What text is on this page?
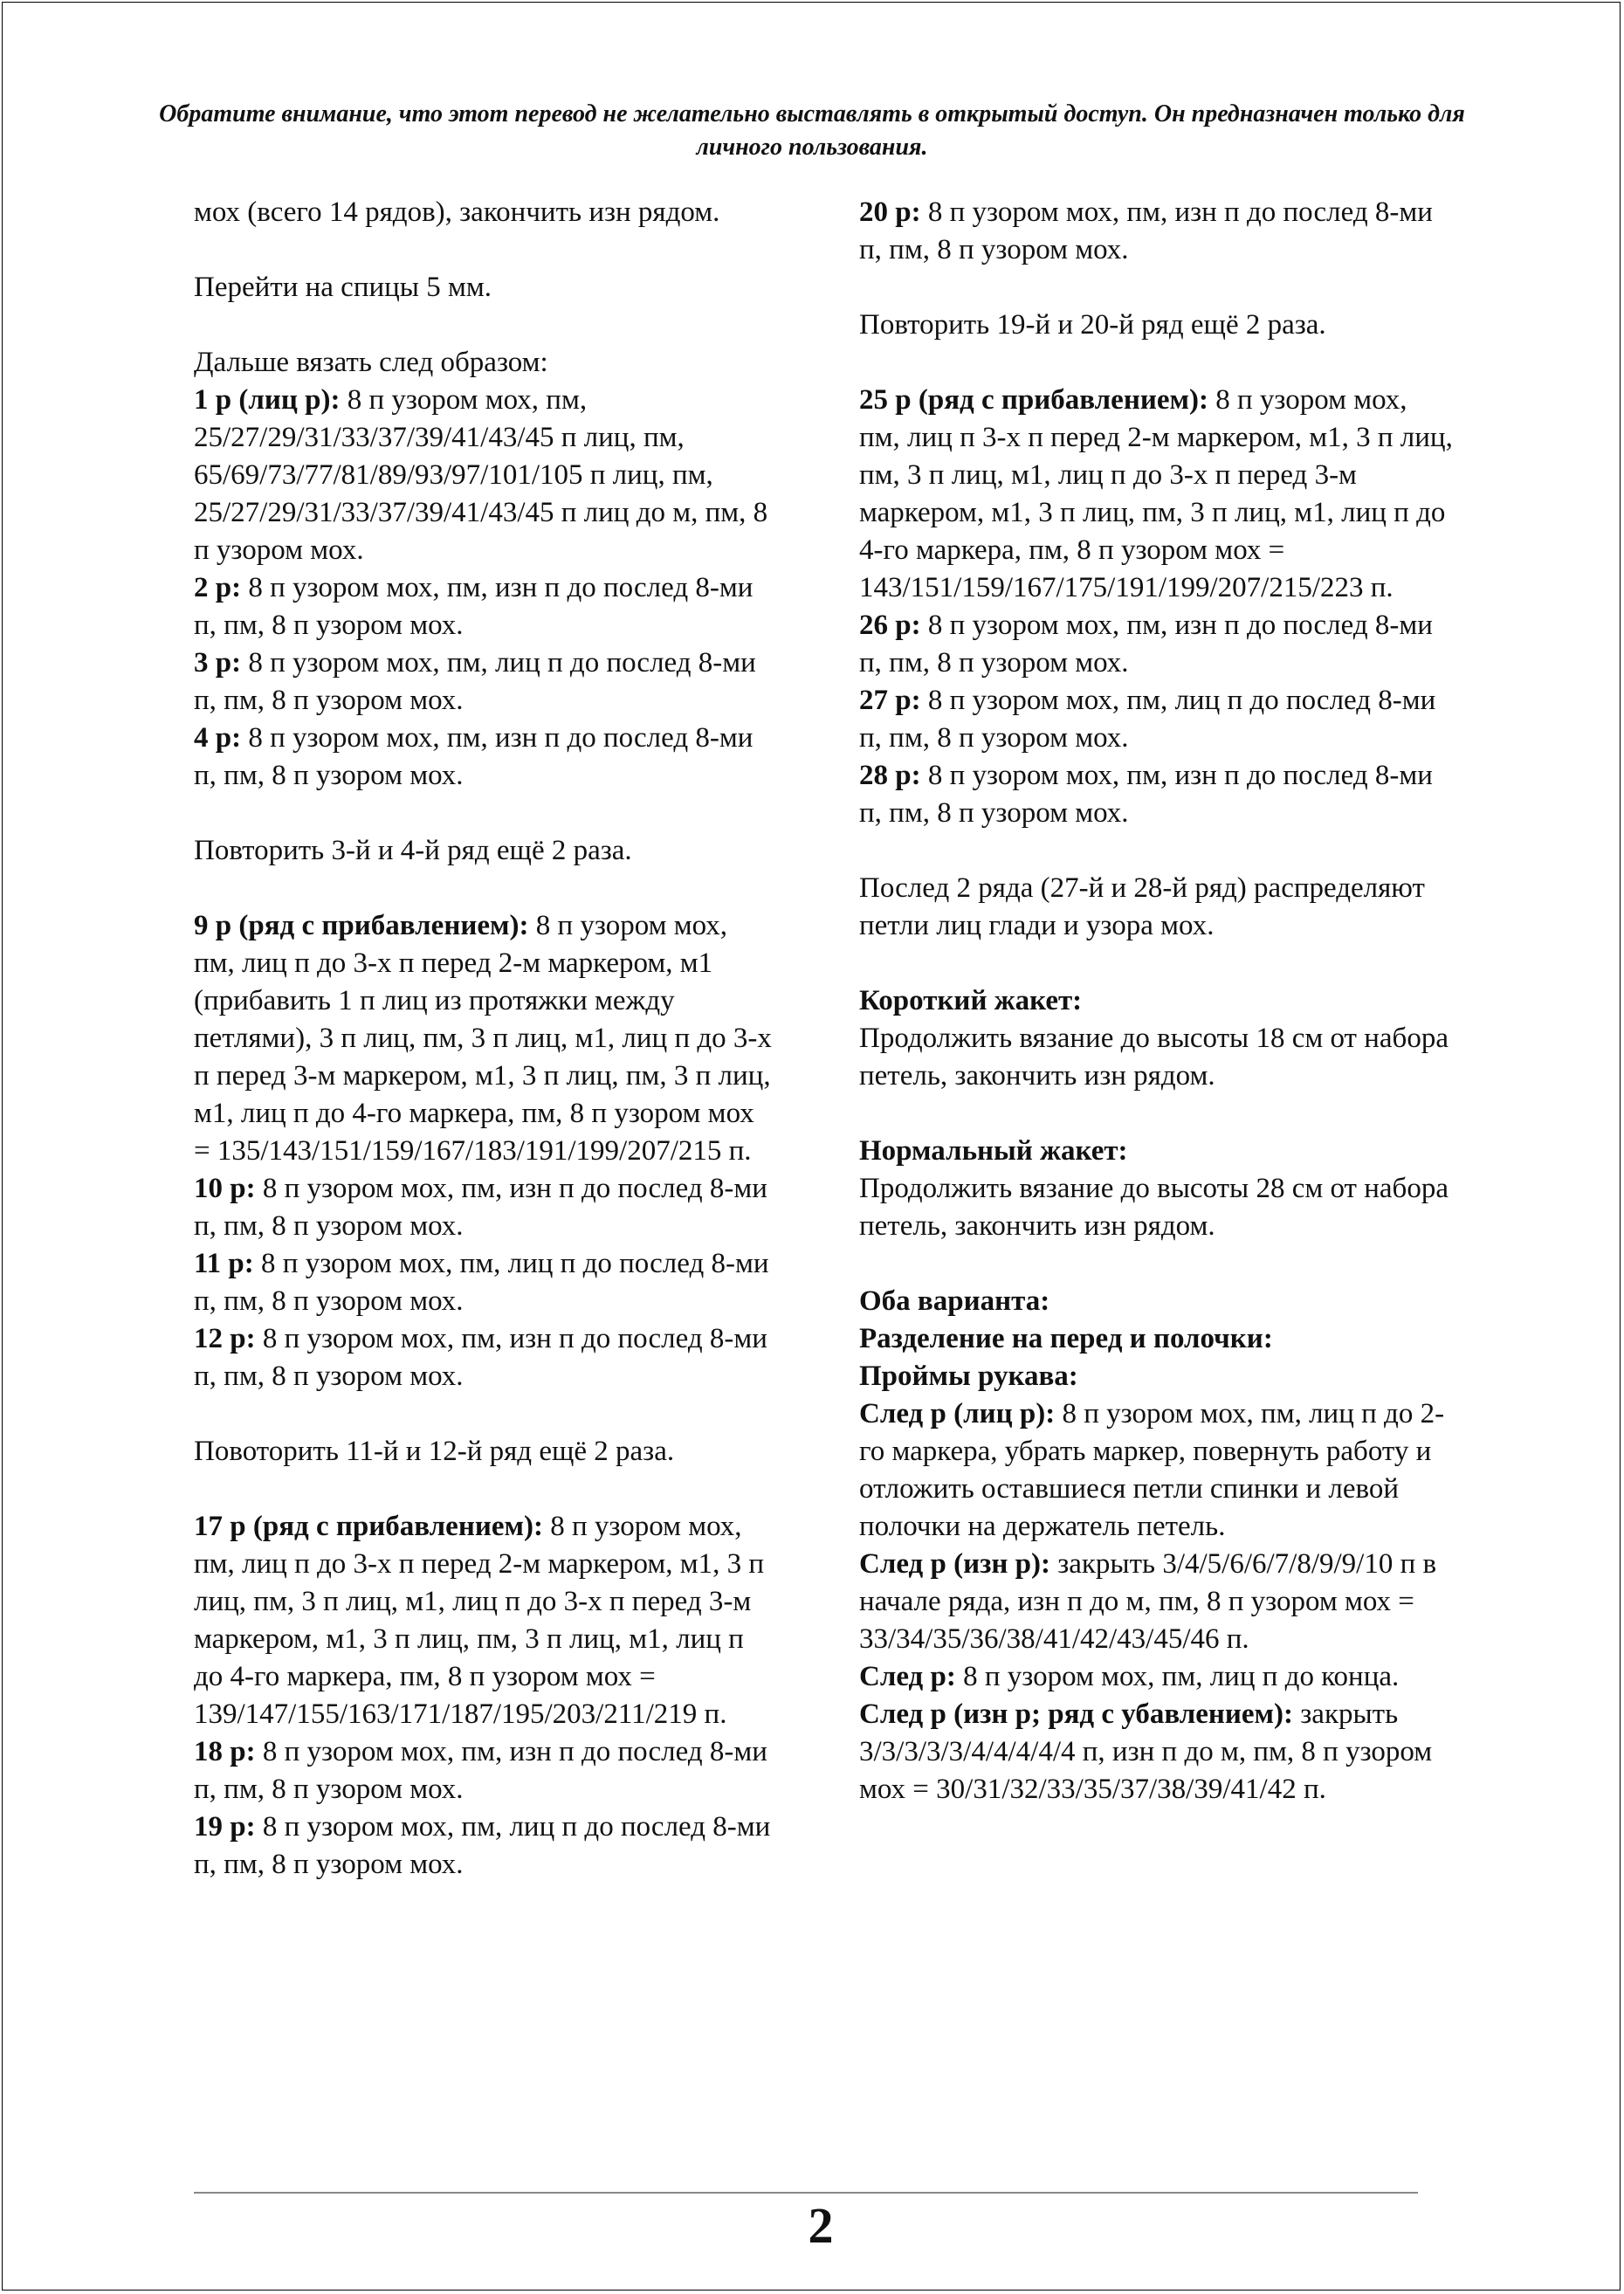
Обратите внимание, что этот перевод не желательно выставлять в открытый доступ. Он предназначен только для личного пользования.

мох (всего 14 рядов), закончить изн рядом.

Перейти на спицы 5 мм.

Дальше вязать след образом:

1 р (лиц р): 8 п узором мох, пм, 25/27/29/31/33/37/39/41/43/45 п лиц, пм, 65/69/73/77/81/89/93/97/101/105 п лиц, пм, 25/27/29/31/33/37/39/41/43/45 п лиц до м, пм, 8 п узором мох.

2 р: 8 п узором мох, пм, изн п до послед 8-ми п, пм, 8 п узором мох.

3 р: 8 п узором мох, пм, лиц п до послед 8-ми п, пм, 8 п узором мох.

4 р: 8 п узором мох, пм, изн п до послед 8-ми п, пм, 8 п узором мох.

Повторить 3-й и 4-й ряд ещё 2 раза.

9 р (ряд с прибавлением): 8 п узором мох, пм, лиц п до 3-х п перед 2-м маркером, м1 (прибавить 1 п лиц из протяжки между петлями), 3 п лиц, пм, 3 п лиц, м1, лиц п до 3-х п перед 3-м маркером, м1, 3 п лиц, пм, 3 п лиц, м1, лиц п до 4-го маркера, пм, 8 п узором мох = 135/143/151/159/167/183/191/199/207/215 п.

10 р: 8 п узором мох, пм, изн п до послед 8-ми п, пм, 8 п узором мох.

11 р: 8 п узором мох, пм, лиц п до послед 8-ми п, пм, 8 п узором мох.

12 р: 8 п узором мох, пм, изн п до послед 8-ми п, пм, 8 п узором мох.

Повоторить 11-й и 12-й ряд ещё 2 раза.

17 р (ряд с прибавлением): 8 п узором мох, пм, лиц п до 3-х п перед 2-м маркером, м1, 3 п лиц, пм, 3 п лиц, м1, лиц п до 3-х п перед 3-м маркером, м1, 3 п лиц, пм, 3 п лиц, м1, лиц п до 4-го маркера, пм, 8 п узором мох = 139/147/155/163/171/187/195/203/211/219 п.

18 р: 8 п узором мох, пм, изн п до послед 8-ми п, пм, 8 п узором мох.

19 р: 8 п узором мох, пм, лиц п до послед 8-ми п, пм, 8 п узором мох.

20 р: 8 п узором мох, пм, изн п до послед 8-ми п, пм, 8 п узором мох.

Повторить 19-й и 20-й ряд ещё 2 раза.

25 р (ряд с прибавлением): 8 п узором мох, пм, лиц п 3-х п перед 2-м маркером, м1, 3 п лиц, пм, 3 п лиц, м1, лиц п до 3-х п перед 3-м маркером, м1, 3 п лиц, пм, 3 п лиц, м1, лиц п до 4-го маркера, пм, 8 п узором мох = 143/151/159/167/175/191/199/207/215/223 п.

26 р: 8 п узором мох, пм, изн п до послед 8-ми п, пм, 8 п узором мох.

27 р: 8 п узором мох, пм, лиц п до послед 8-ми п, пм, 8 п узором мох.

28 р: 8 п узором мох, пм, изн п до послед 8-ми п, пм, 8 п узором мох.

Послед 2 ряда (27-й и 28-й ряд) распределяют петли лиц глади и узора мох.

Короткий жакет:

Продолжить вязание до высоты 18 см от набора петель, закончить изн рядом.

Нормальный жакет:

Продолжить вязание до высоты 28 см от набора петель, закончить изн рядом.

Оба варианта:

Разделение на перед и полочки:

Проймы рукава:

След р (лиц р): 8 п узором мох, пм, лиц п до 2-го маркера, убрать маркер, повернуть работу и отложить оставшиеся петли спинки и левой полочки на держатель петель.

След р (изн р): закрыть 3/4/5/6/6/7/8/9/9/10 п в начале ряда, изн п до м, пм, 8 п узором мох = 33/34/35/36/38/41/42/43/45/46 п.

След р: 8 п узором мох, пм, лиц п до конца.

След р (изн р; ряд с убавлением): закрыть 3/3/3/3/3/4/4/4/4/4 п, изн п до м, пм, 8 п узором мох = 30/31/32/33/35/37/38/39/41/42 п.

2
